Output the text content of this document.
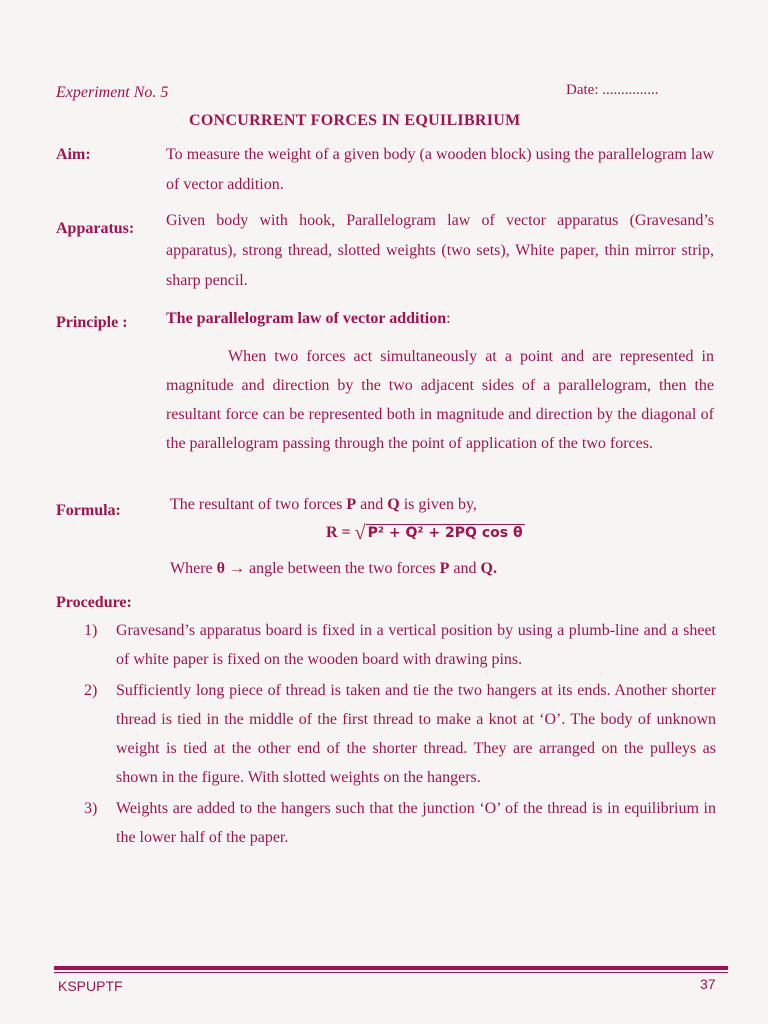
Experiment No. 5	Date: ...............
CONCURRENT FORCES IN EQUILIBRIUM
Aim:	To measure the weight of a given body (a wooden block) using the parallelogram law of vector addition.
Apparatus: Given body with hook, Parallelogram law of vector apparatus (Gravesand’s apparatus), strong thread, slotted weights (two sets), White paper, thin mirror strip, sharp pencil.
Principle : The parallelogram law of vector addition:
When two forces act simultaneously at a point and are represented in magnitude and direction by the two adjacent sides of a parallelogram, then the resultant force can be represented both in magnitude and direction by the diagonal of the parallelogram passing through the point of application of the two forces.
Formula:	The resultant of two forces P and Q is given by,
R = √ P² + Q² + 2PQ cos θ
Where θ → angle between the two forces P and Q.
Procedure:
1)	Gravesand’s apparatus board is fixed in a vertical position by using a plumb-line and a sheet of white paper is fixed on the wooden board with drawing pins.
2)	Sufficiently long piece of thread is taken and tie the two hangers at its ends. Another shorter thread is tied in the middle of the first thread to make a knot at ‘O’. The body of unknown weight is tied at the other end of the shorter thread. They are arranged on the pulleys as shown in the figure. With slotted weights on the hangers.
3)	Weights are added to the hangers such that the junction ‘O’ of the thread is in equilibrium in the lower half of the paper.
KSPUPTF	37
